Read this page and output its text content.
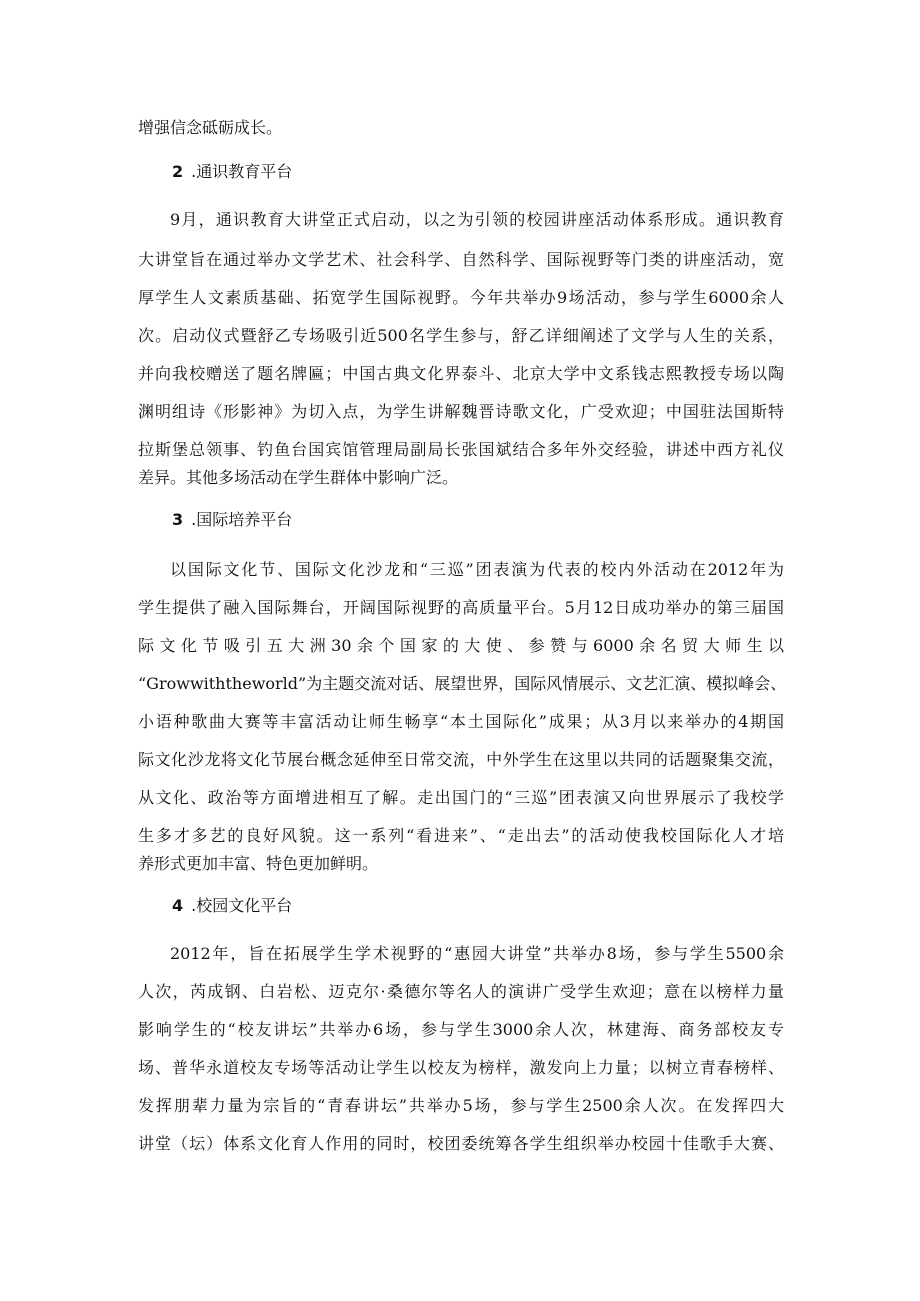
增强信念砥砺成长。
2 .通识教育平台
9月，通识教育大讲堂正式启动，以之为引领的校园讲座活动体系形成。通识教育
大讲堂旨在通过举办文学艺术、社会科学、自然科学、国际视野等门类的讲座活动，宽
厚学生人文素质基础、拓宽学生国际视野。今年共举办9场活动，参与学生6000余人
次。启动仪式暨舒乙专场吸引近500名学生参与，舒乙详细阐述了文学与人生的关系，
并向我校赠送了题名牌匾；中国古典文化界泰斗、北京大学中文系钱志熙教授专场以陶
渊明组诗《形影神》为切入点，为学生讲解魏晋诗歌文化，广受欢迎；中国驻法国斯特
拉斯堡总领事、钓鱼台国宾馆管理局副局长张国斌结合多年外交经验，讲述中西方礼仪
差异。其他多场活动在学生群体中影响广泛。
3 .国际培养平台
以国际文化节、国际文化沙龙和“三巡”团表演为代表的校内外活动在2012年为
学生提供了融入国际舞台，开阔国际视野的高质量平台。5月12日成功举办的第三届国
际文化节吸引五大洲30余个国家的大使、参赞与6000余名贸大师生以
“Growwiththeworld”为主题交流对话、展望世界，国际风情展示、文艺汇演、模拟峰会、
小语种歌曲大赛等丰富活动让师生畅享“本土国际化”成果；从3月以来举办的4期国
际文化沙龙将文化节展台概念延伸至日常交流，中外学生在这里以共同的话题聚集交流，
从文化、政治等方面增进相互了解。走出国门的“三巡”团表演又向世界展示了我校学
生多才多艺的良好风貌。这一系列“看进来”、“走出去”的活动使我校国际化人才培
养形式更加丰富、特色更加鲜明。
4 .校园文化平台
2012年，旨在拓展学生学术视野的“惠园大讲堂”共举办8场，参与学生5500余
人次，芮成钢、白岩松、迈克尔·桑德尔等名人的演讲广受学生欢迎；意在以榜样力量
影响学生的“校友讲坛”共举办6场，参与学生3000余人次，林建海、商务部校友专
场、普华永道校友专场等活动让学生以校友为榜样，激发向上力量；以树立青春榜样、
发挥朋辈力量为宗旨的“青春讲坛”共举办5场，参与学生2500余人次。在发挥四大
讲堂（坛）体系文化育人作用的同时，校团委统筹各学生组织举办校园十佳歌手大赛、
